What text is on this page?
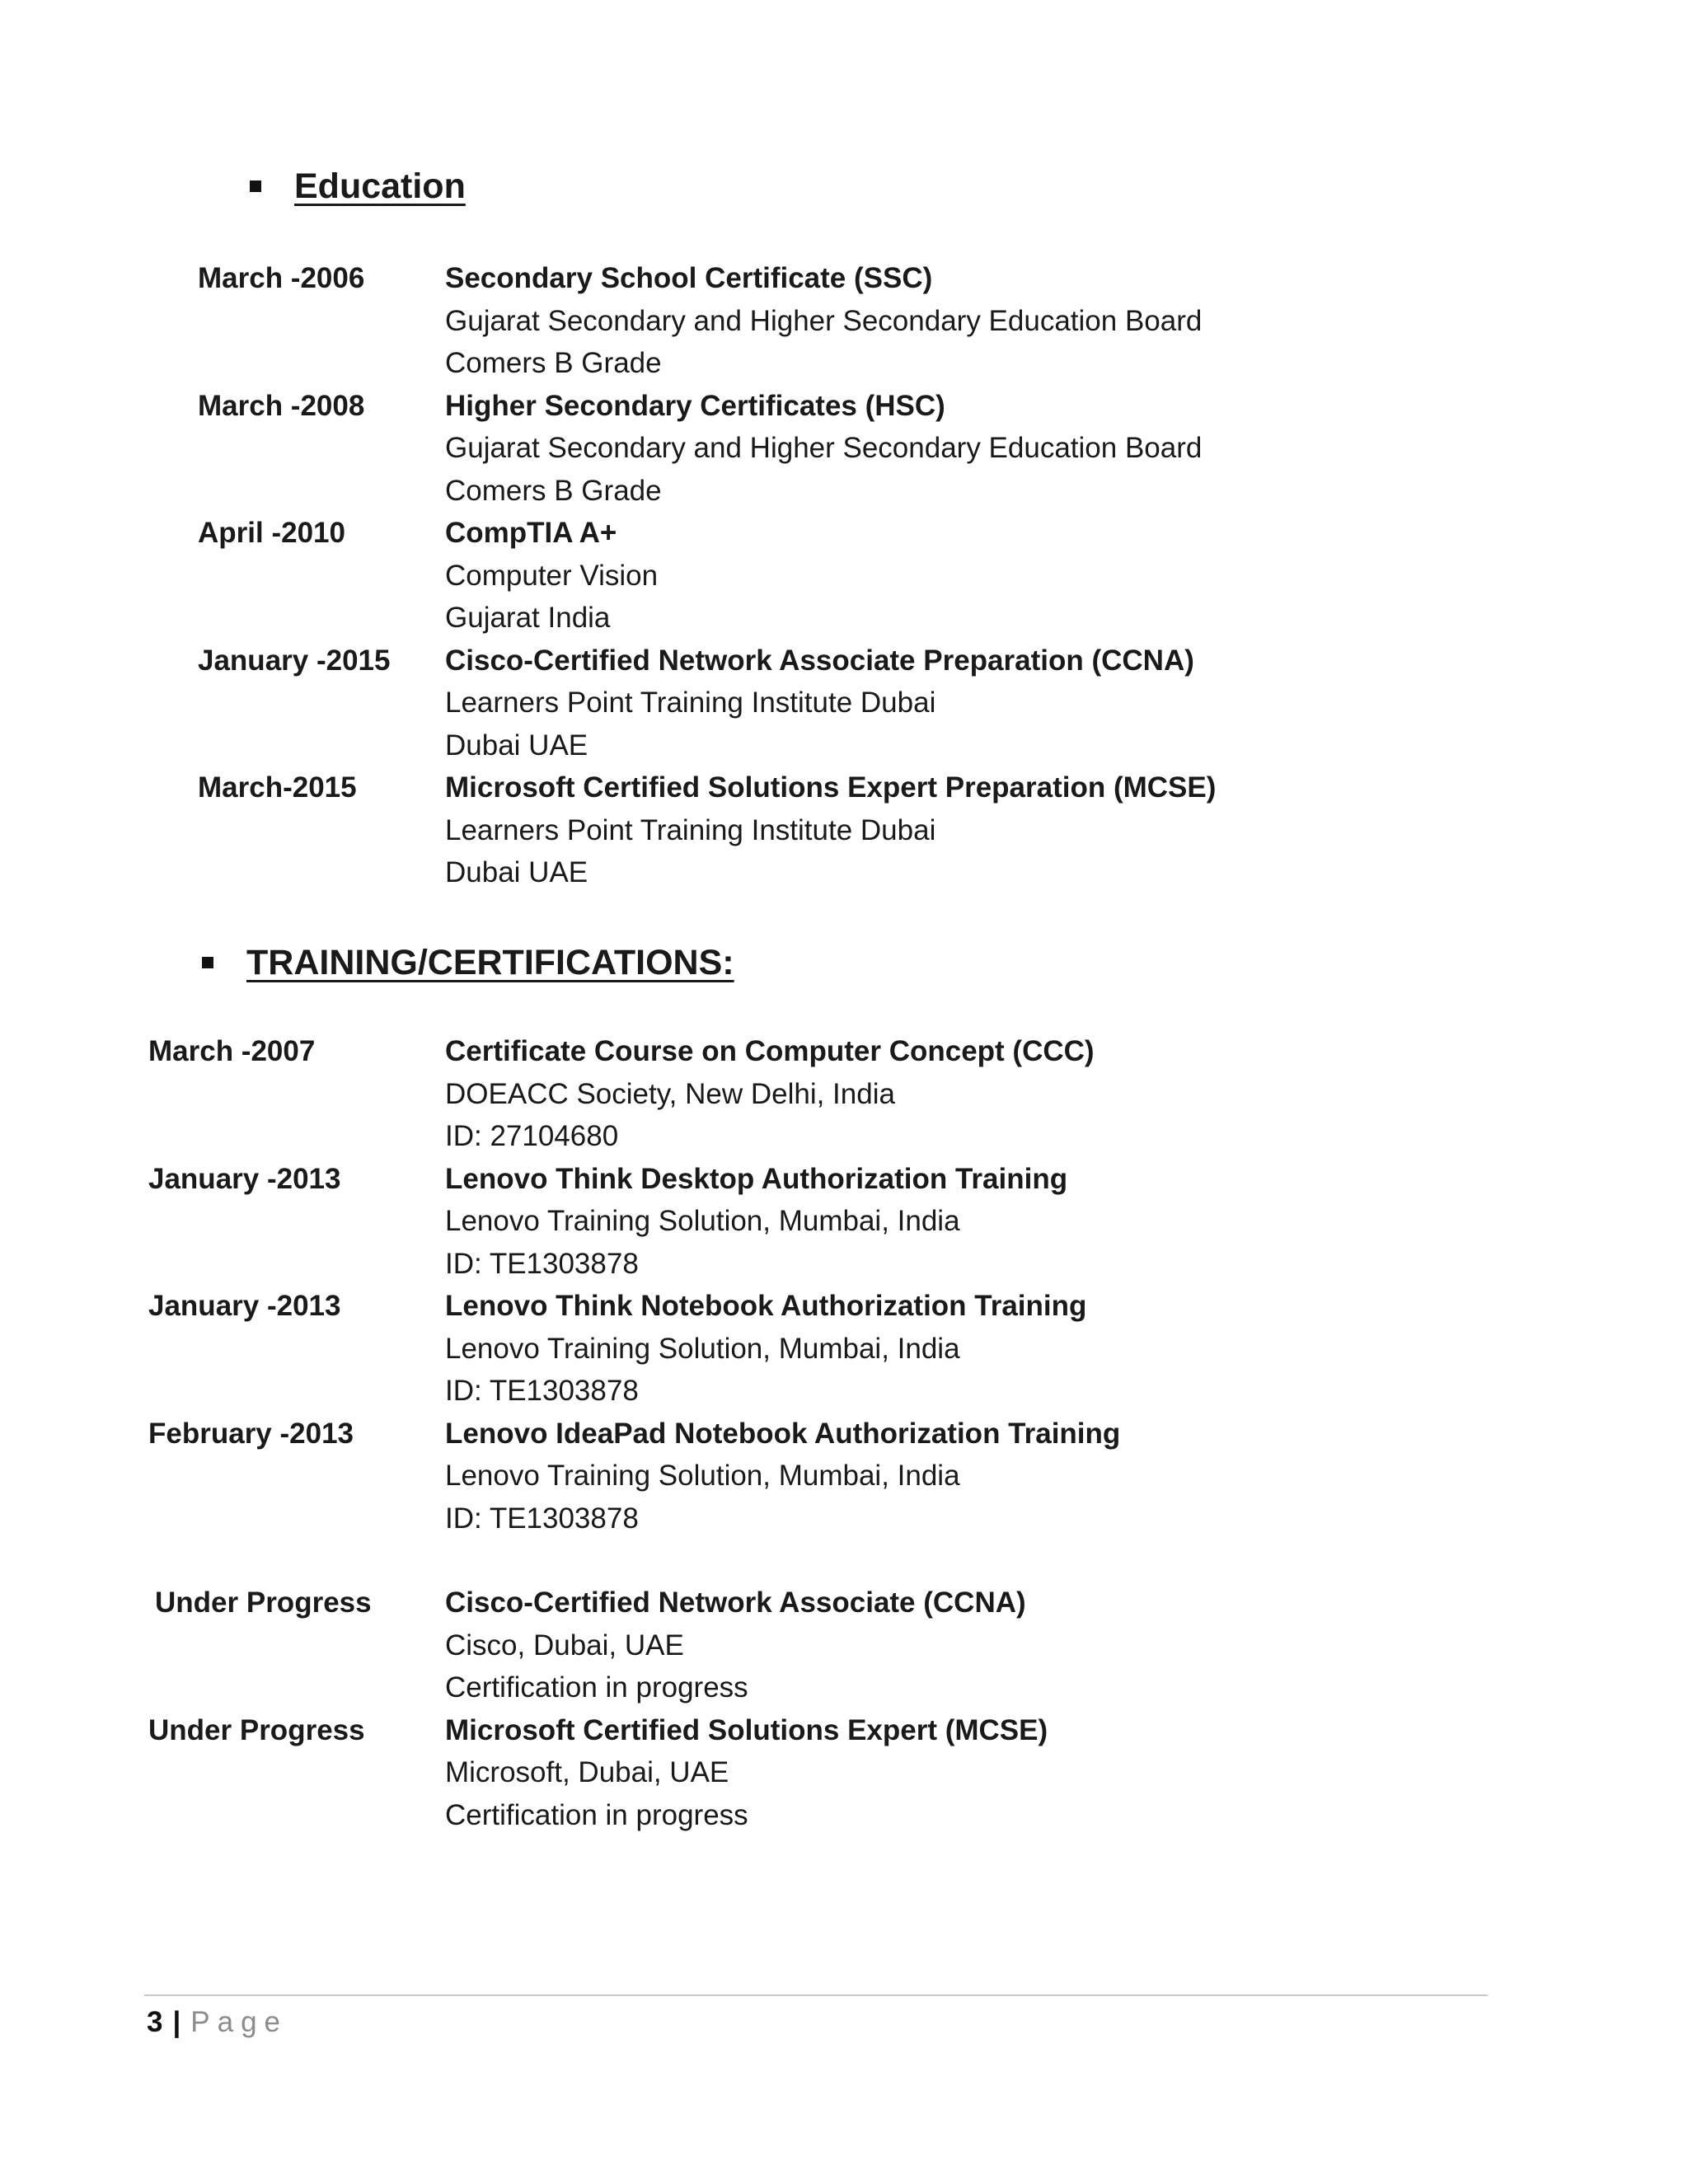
Education
March -2006	Secondary School Certificate (SSC)
Gujarat Secondary and Higher Secondary Education Board
Comers B Grade
March -2008	Higher Secondary Certificates (HSC)
Gujarat Secondary and Higher Secondary Education Board
Comers B Grade
April -2010	CompTIA A+
Computer Vision
Gujarat India
January -2015 Cisco-Certified Network Associate Preparation (CCNA)
Learners Point Training Institute Dubai
Dubai UAE
March-2015	Microsoft Certified Solutions Expert Preparation (MCSE)
Learners Point Training Institute Dubai
Dubai UAE
TRAINING/CERTIFICATIONS:
March -2007	Certificate Course on Computer Concept (CCC)
DOEACC Society, New Delhi, India
ID: 27104680
January -2013	Lenovo Think Desktop Authorization Training
Lenovo Training Solution, Mumbai, India
ID: TE1303878
January -2013	Lenovo Think Notebook Authorization Training
Lenovo Training Solution, Mumbai, India
ID: TE1303878
February -2013	Lenovo IdeaPad Notebook Authorization Training
Lenovo Training Solution, Mumbai, India
ID: TE1303878
Under Progress	Cisco-Certified Network Associate (CCNA)
Cisco, Dubai, UAE
Certification in progress
Under Progress	Microsoft Certified Solutions Expert (MCSE)
Microsoft, Dubai, UAE
Certification in progress
3 | Page
